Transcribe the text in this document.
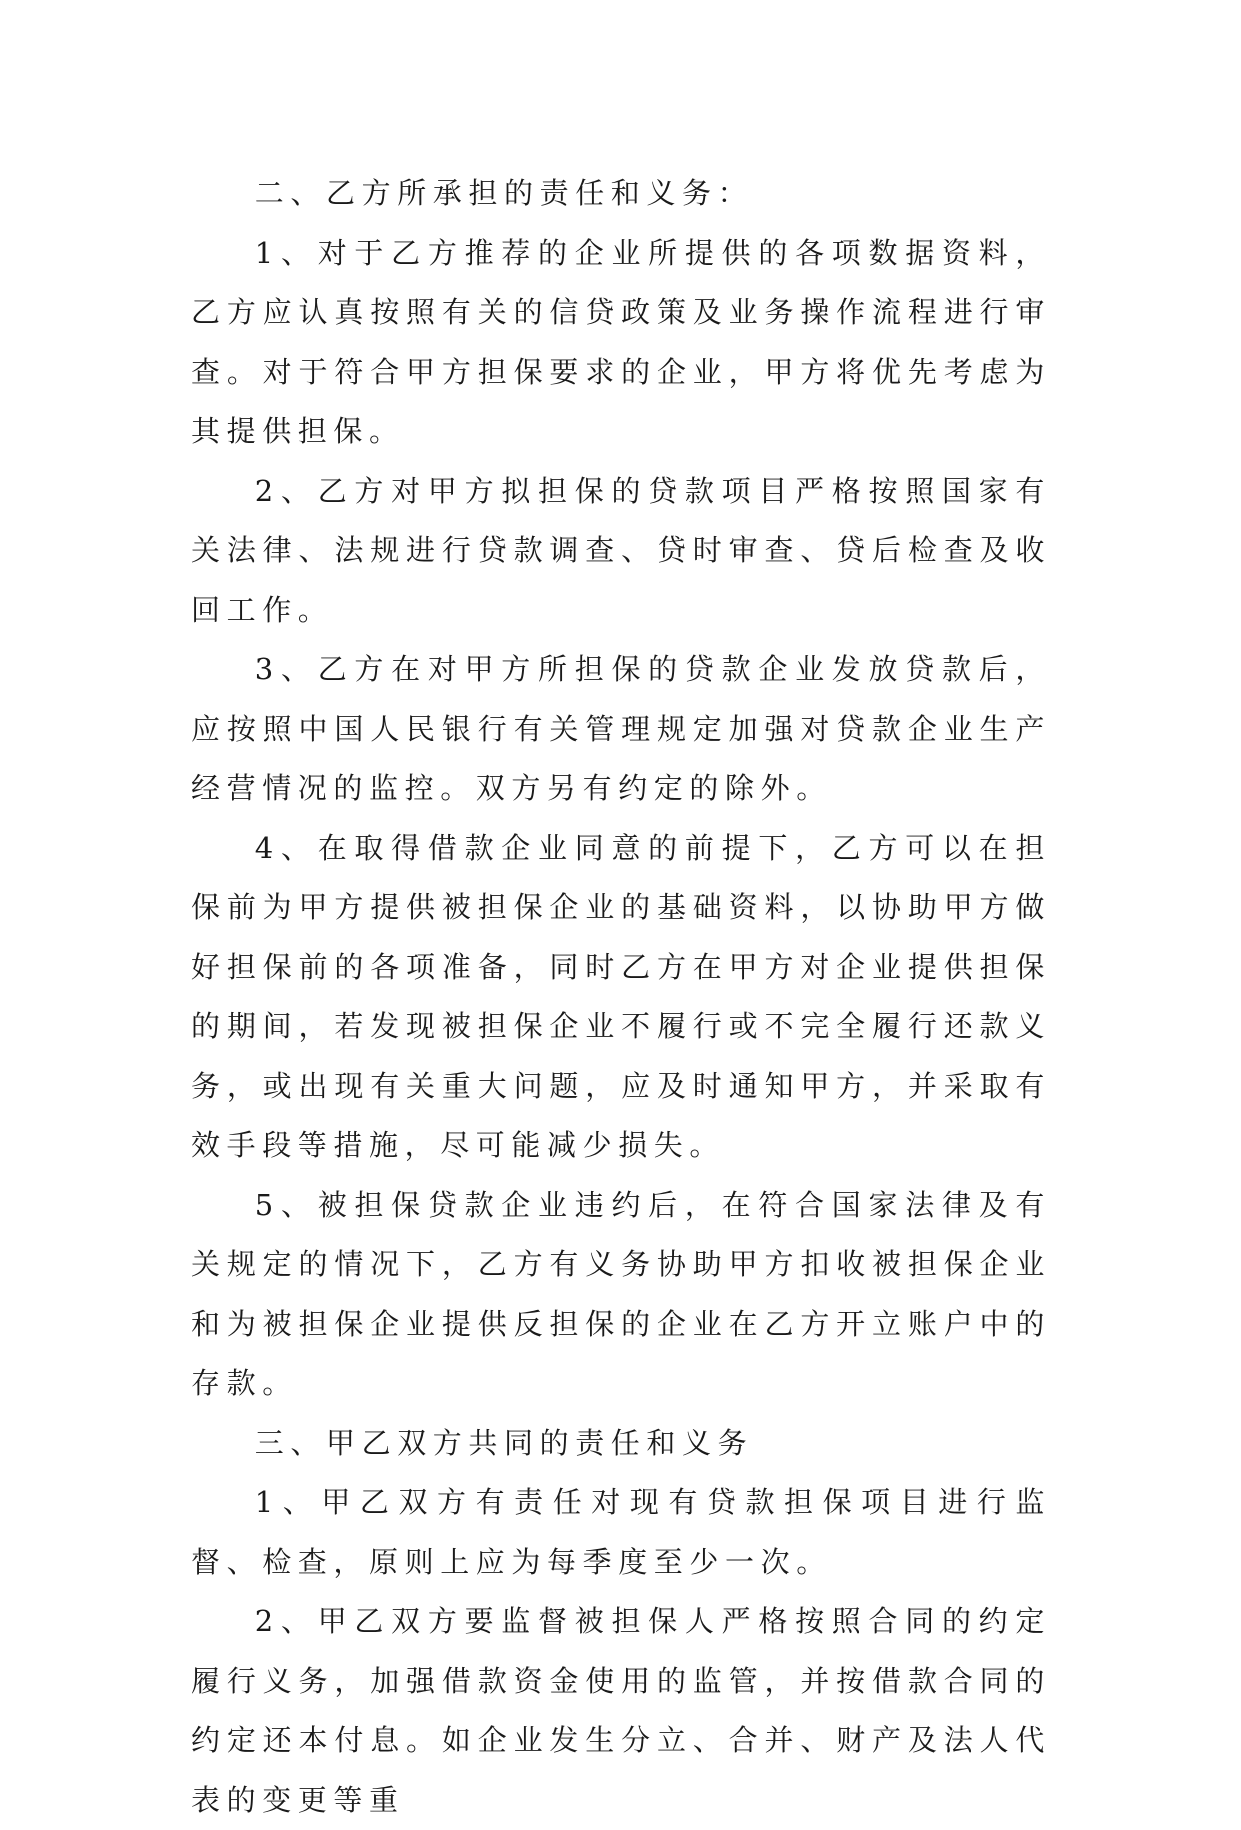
二、乙方所承担的责任和义务：

1、对于乙方推荐的企业所提供的各项数据资料，乙方应认真按照有关的信贷政策及业务操作流程进行审查。对于符合甲方担保要求的企业，甲方将优先考虑为其提供担保。

2、乙方对甲方拟担保的贷款项目严格按照国家有关法律、法规进行贷款调查、贷时审查、贷后检查及收回工作。

3、乙方在对甲方所担保的贷款企业发放贷款后，应按照中国人民银行有关管理规定加强对贷款企业生产经营情况的监控。双方另有约定的除外。

4、在取得借款企业同意的前提下，乙方可以在担保前为甲方提供被担保企业的基础资料，以协助甲方做好担保前的各项准备，同时乙方在甲方对企业提供担保的期间，若发现被担保企业不履行或不完全履行还款义务，或出现有关重大问题，应及时通知甲方，并采取有效手段等措施，尽可能减少损失。

5、被担保贷款企业违约后，在符合国家法律及有关规定的情况下，乙方有义务协助甲方扣收被担保企业和为被担保企业提供反担保的企业在乙方开立账户中的存款。

三、甲乙双方共同的责任和义务

1、甲乙双方有责任对现有贷款担保项目进行监督、检查，原则上应为每季度至少一次。

2、甲乙双方要监督被担保人严格按照合同的约定履行义务，加强借款资金使用的监管，并按借款合同的约定还本付息。如企业发生分立、合并、财产及法人代表的变更等重
